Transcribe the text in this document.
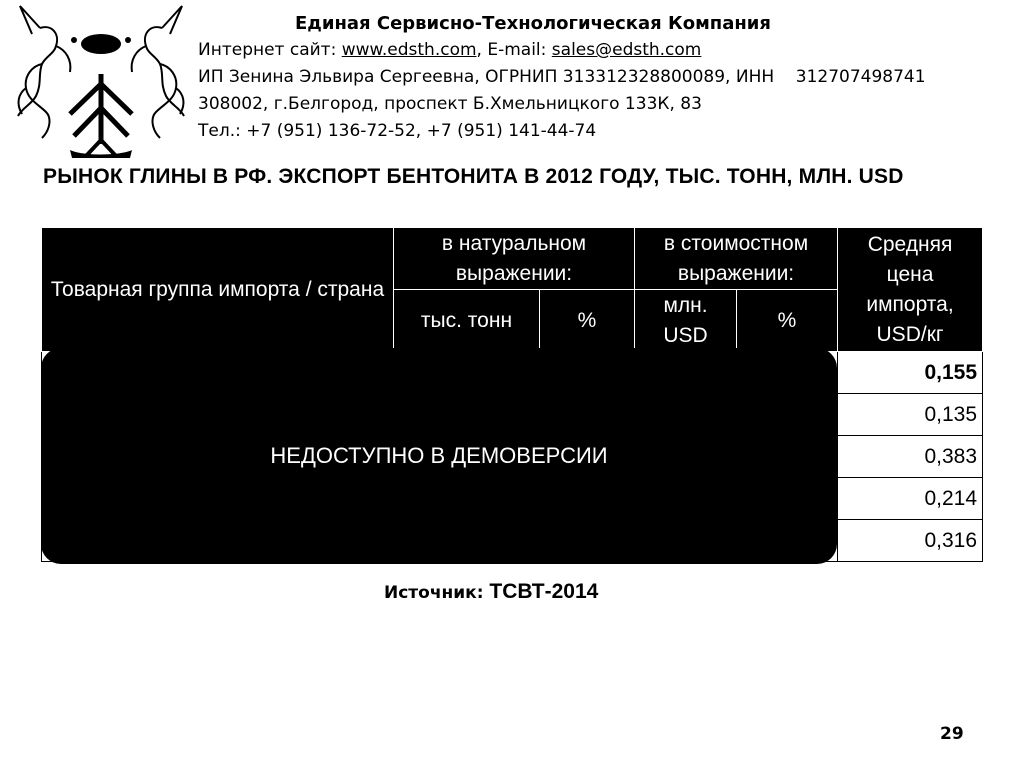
Единая Сервисно-Технологическая Компания
Интернет сайт: www.edsth.com, E-mail: sales@edsth.com
ИП Зенина Эльвира Сергеевна, ОГРНИП 313312328800089, ИНН    312707498741
308002, г.Белгород, проспект Б.Хмельницкого 133К, 83
Тел.: +7 (951) 136-72-52, +7 (951) 141-44-74
РЫНОК ГЛИНЫ В РФ. ЭКСПОРТ БЕНТОНИТА В 2012 ГОДУ, ТЫС. ТОНН, МЛН. USD
Товарная группа импорта / страна	в натуральном выражении:		в стоимостном выражении:		Средняя цена импорта, USD/кг
	тыс. тонн	%	млн. USD	%	
					0,155
					0,135
					0,383
					0,214
					0,316
НЕДОСТУПНО В ДЕМОВЕРСИИ
Источник: ТСВТ-2014
29
